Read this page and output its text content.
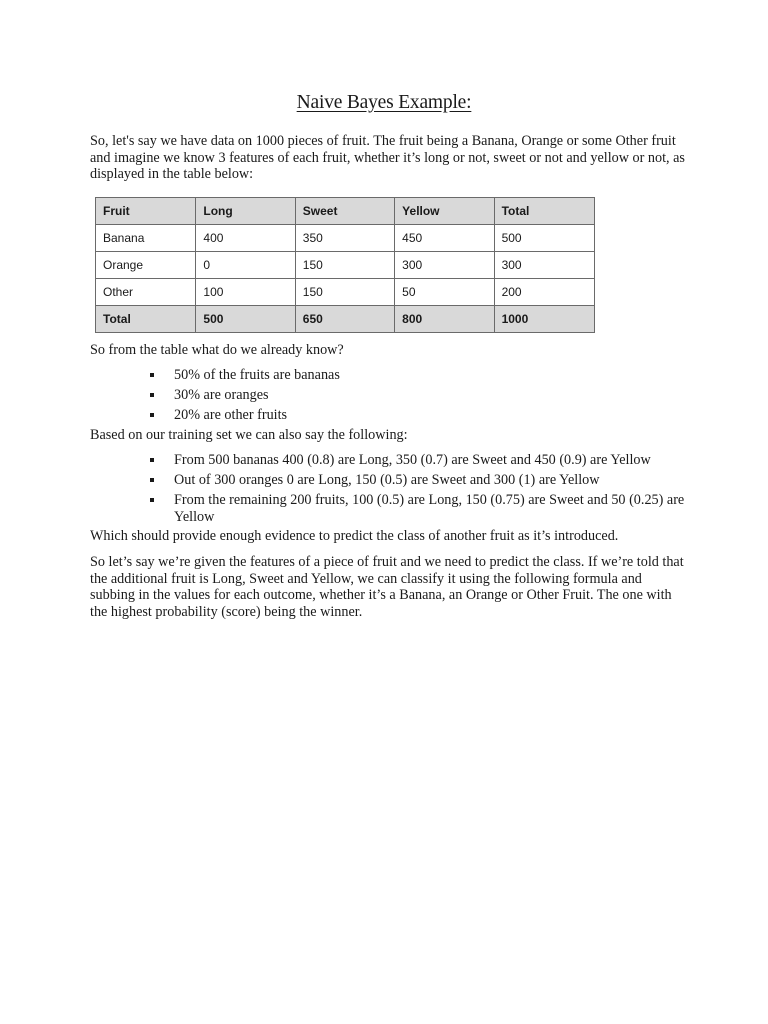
Naive Bayes Example:
So, let's say we have data on 1000 pieces of fruit. The fruit being a Banana, Orange or some Other fruit and imagine we know 3 features of each fruit, whether it’s long or not, sweet or not and yellow or not, as displayed in the table below:
Fruit	Long	Sweet	Yellow	Total
Banana	400	350	450	500
Orange	0	150	300	300
Other	100	150	50	200
Total	500	650	800	1000
So from the table what do we already know?
50% of the fruits are bananas
30% are oranges
20% are other fruits
Based on our training set we can also say the following:
From 500 bananas 400 (0.8) are Long, 350 (0.7) are Sweet and 450 (0.9) are Yellow
Out of 300 oranges 0 are Long, 150 (0.5) are Sweet and 300 (1) are Yellow
From the remaining 200 fruits, 100 (0.5) are Long, 150 (0.75) are Sweet and 50 (0.25) are Yellow
Which should provide enough evidence to predict the class of another fruit as it’s introduced.
So let’s say we’re given the features of a piece of fruit and we need to predict the class. If we’re told that the additional fruit is Long, Sweet and Yellow, we can classify it using the following formula and subbing in the values for each outcome, whether it’s a Banana, an Orange or Other Fruit. The one with the highest probability (score) being the winner.
